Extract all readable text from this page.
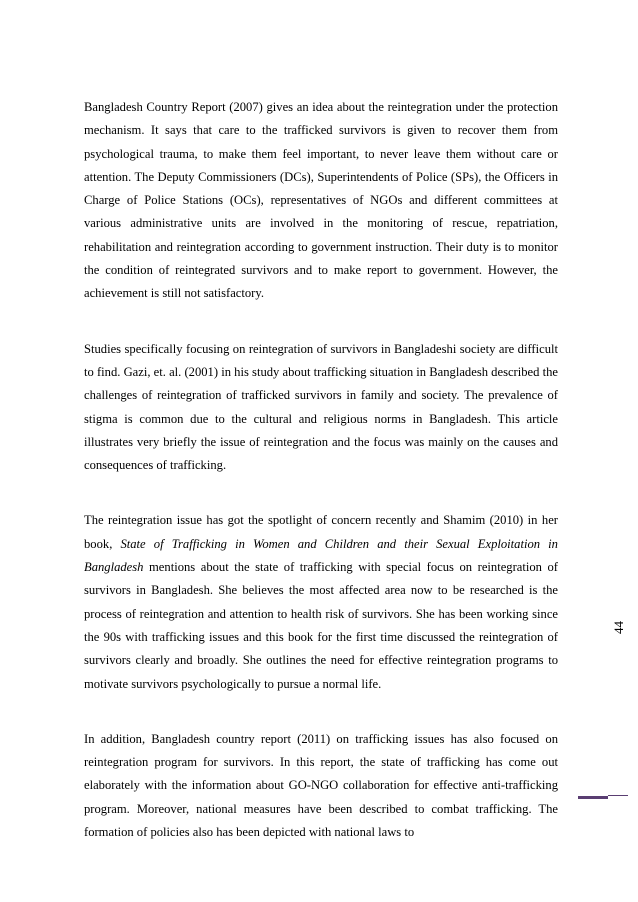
Bangladesh Country Report (2007) gives an idea about the reintegration under the protection mechanism. It says that care to the trafficked survivors is given to recover them from psychological trauma, to make them feel important, to never leave them without care or attention. The Deputy Commissioners (DCs), Superintendents of Police (SPs), the Officers in Charge of Police Stations (OCs), representatives of NGOs and different committees at various administrative units are involved in the monitoring of rescue, repatriation, rehabilitation and reintegration according to government instruction. Their duty is to monitor the condition of reintegrated survivors and to make report to government. However, the achievement is still not satisfactory.

Studies specifically focusing on reintegration of survivors in Bangladeshi society are difficult to find. Gazi, et. al. (2001) in his study about trafficking situation in Bangladesh described the challenges of reintegration of trafficked survivors in family and society. The prevalence of stigma is common due to the cultural and religious norms in Bangladesh. This article illustrates very briefly the issue of reintegration and the focus was mainly on the causes and consequences of trafficking.

The reintegration issue has got the spotlight of concern recently and Shamim (2010) in her book, State of Trafficking in Women and Children and their Sexual Exploitation in Bangladesh mentions about the state of trafficking with special focus on reintegration of survivors in Bangladesh. She believes the most affected area now to be researched is the process of reintegration and attention to health risk of survivors. She has been working since the 90s with trafficking issues and this book for the first time discussed the reintegration of survivors clearly and broadly. She outlines the need for effective reintegration programs to motivate survivors psychologically to pursue a normal life.

In addition, Bangladesh country report (2011) on trafficking issues has also focused on reintegration program for survivors. In this report, the state of trafficking has come out elaborately with the information about GO-NGO collaboration for effective anti-trafficking program. Moreover, national measures have been described to combat trafficking. The formation of policies also has been depicted with national laws to

44
